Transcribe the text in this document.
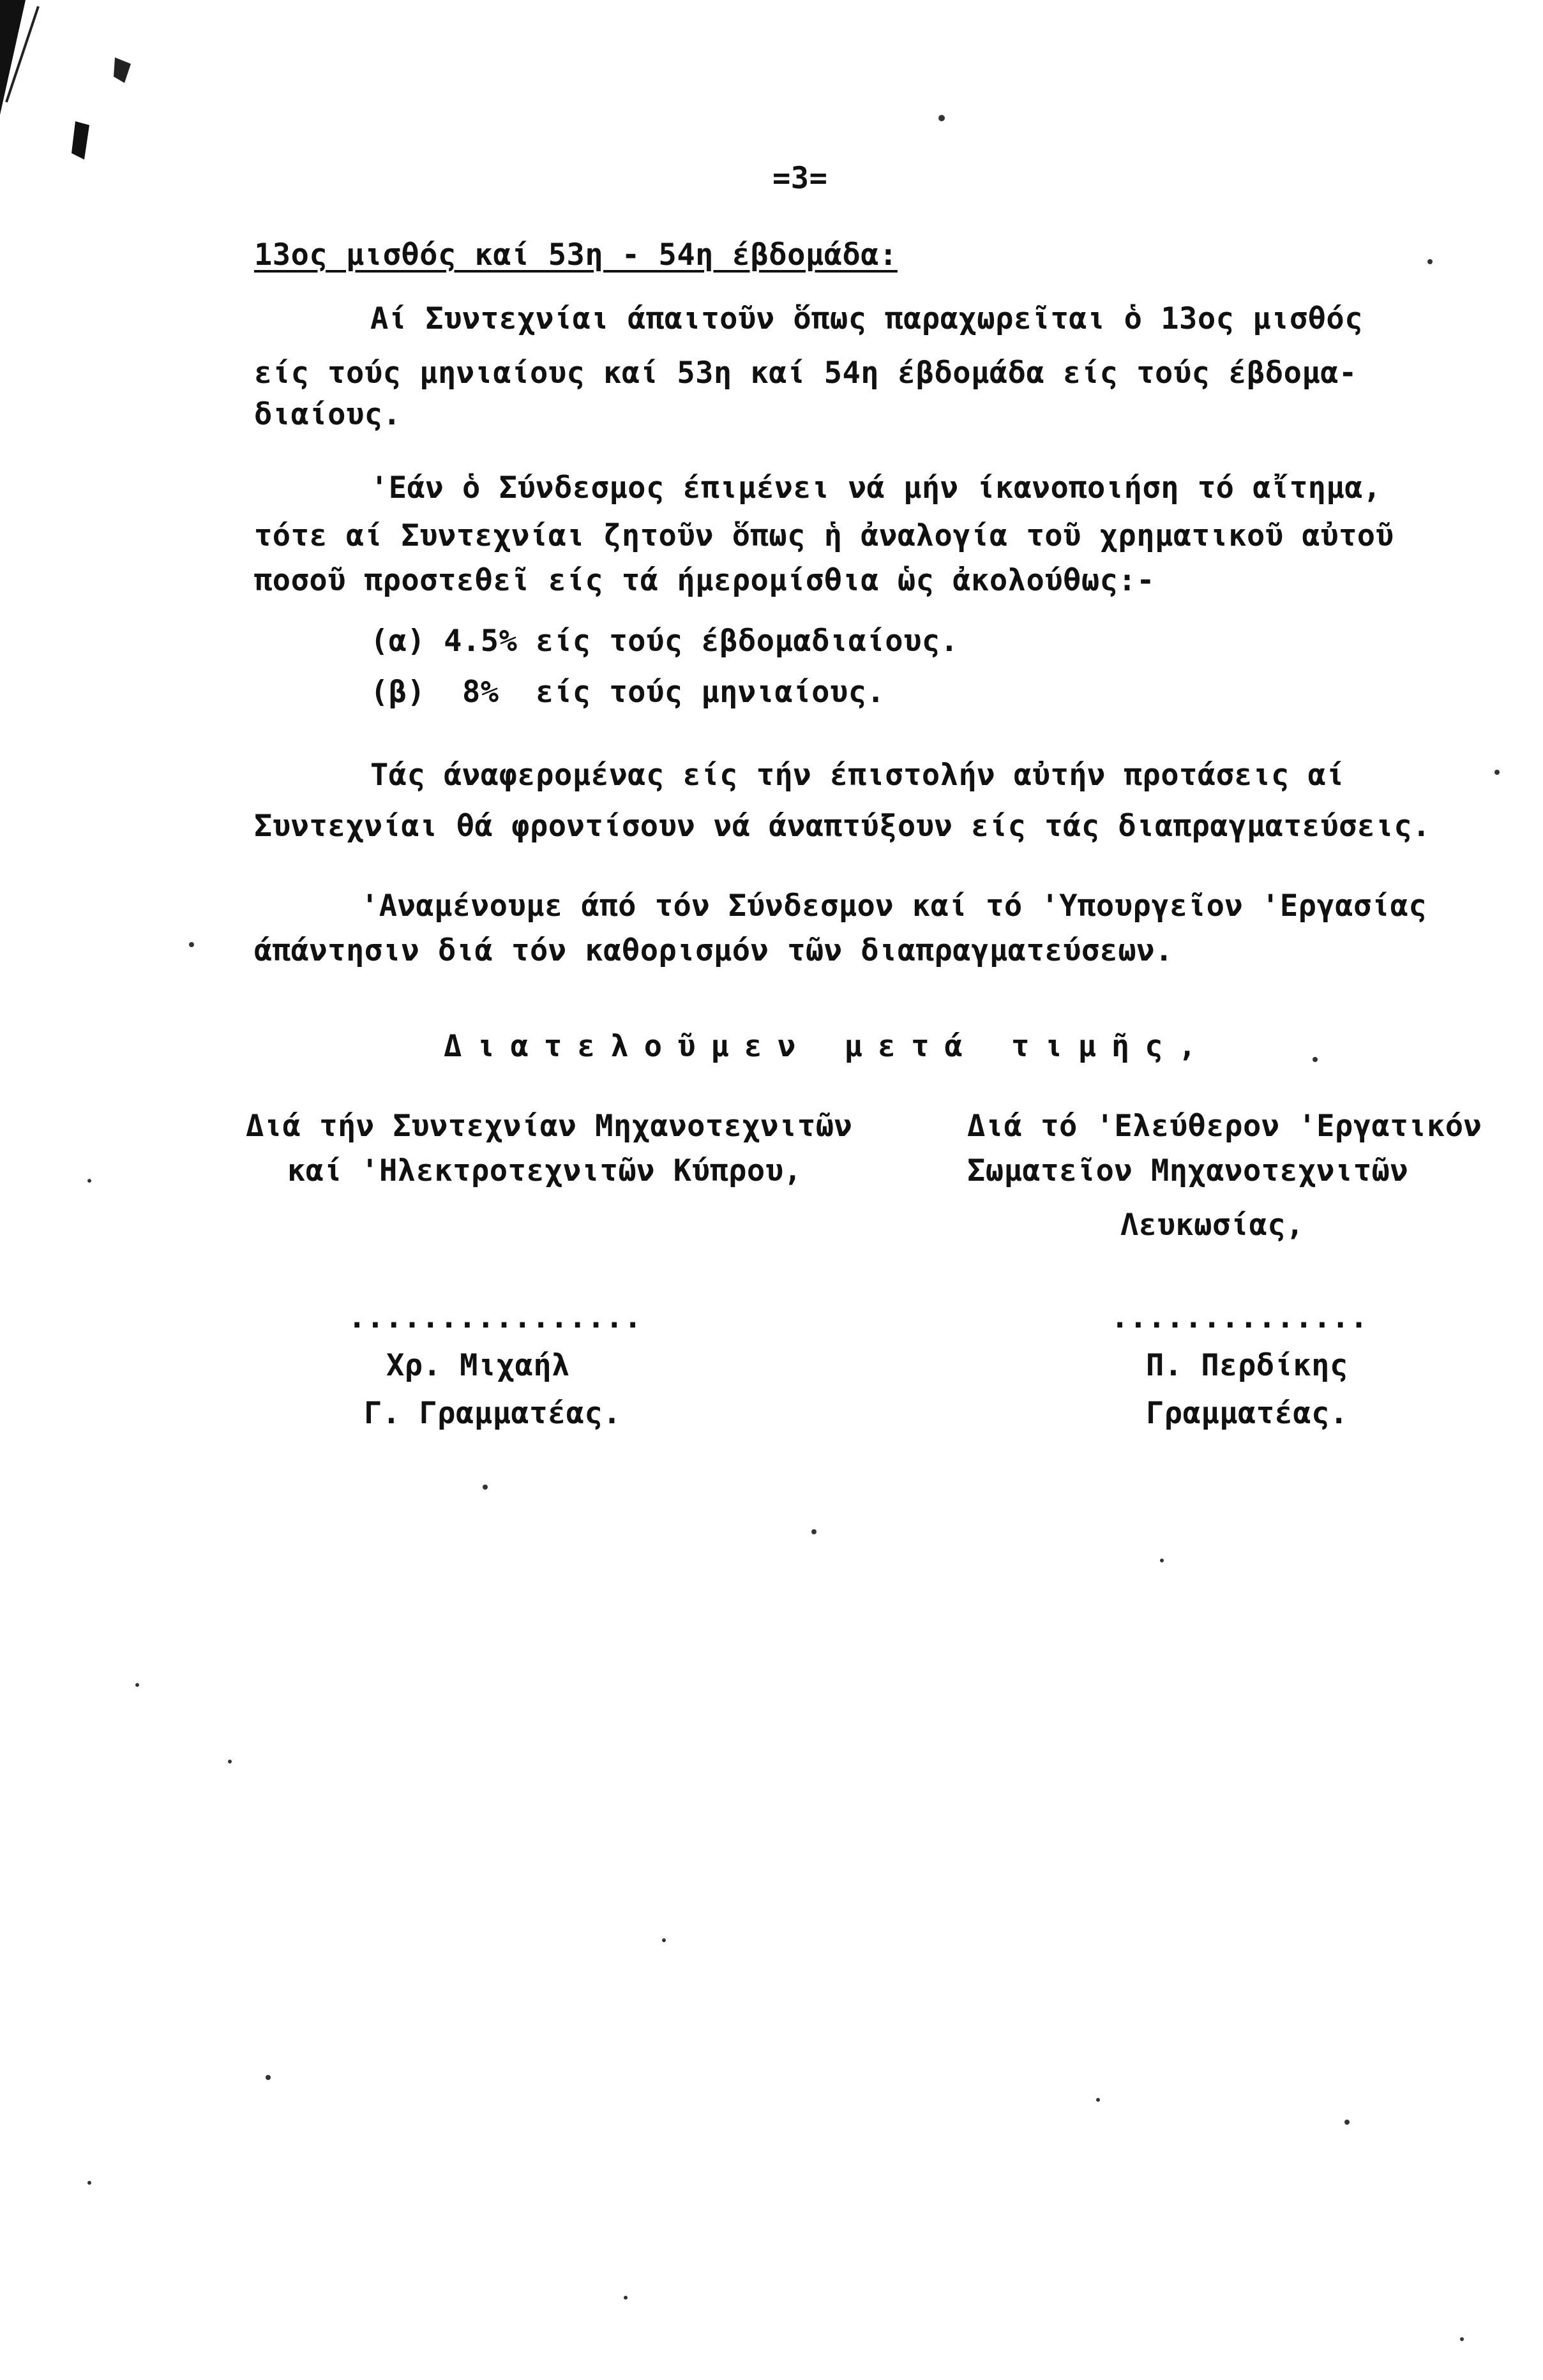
=3=
13ος μισθός καί 53η - 54η έβδομάδα:
Αί Συντεχνίαι άπαιτοῦν ὅπως παραχωρεῖται ὁ 13ος μισθός
είς τούς μηνιαίους καί 53η καί 54η έβδομάδα είς τούς έβδομα-
διαίους.
'Εάν ὁ Σύνδεσμος έπιμένει νά μήν ίκανοποιήση τό αἴτημα,
τότε αί Συντεχνίαι ζητοῦν ὅπως ἡ ἀναλογία τοῦ χρηματικοῦ αὐτοῦ
ποσοῦ προστεθεῖ είς τά ήμερομίσθια ὡς ἀκολούθως:-
(α) 4.5% είς τούς έβδομαδιαίους.
(β)  8%  είς τούς μηνιαίους.
Τάς άναφερομένας είς τήν έπιστολήν αὐτήν προτάσεις αί
Συντεχνίαι θά φροντίσουν νά άναπτύξουν είς τάς διαπραγματεύσεις.
'Αναμένουμε άπό τόν Σύνδεσμον καί τό 'Υπουργεῖον 'Εργασίας
άπάντησιν διά τόν καθορισμόν τῶν διαπραγματεύσεων.
Διατελοῦμεν μετά τιμῆς,
Διά τήν Συντεχνίαν Μηχανοτεχνιτῶν
καί 'Ηλεκτροτεχνιτῶν Κύπρου,
Διά τό 'Ελεύθερον 'Εργατικόν
Σωματεῖον Μηχανοτεχνιτῶν
Λευκωσίας,
................	..............
Χρ. Μιχαήλ
Γ. Γραμματέας.
Π. Περδίκης
Γραμματέας.
